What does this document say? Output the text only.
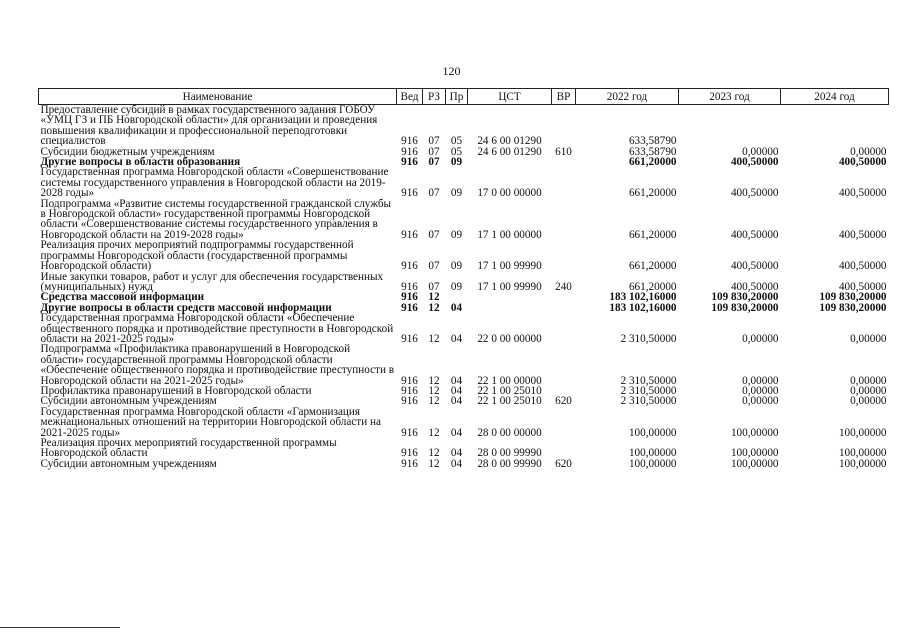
120
Наименование	Вед	РЗ	Пр	ЦСТ	ВР	2022 год	2023 год	2024 год
Предоставление субсидий в рамках государственного задания ГОБОУ «УМЦ ГЗ и ПБ Новгородской области» для организации и проведения повышения квалификации и профессиональной переподготовки специалистов	916	07	05	24 6 00 01290		633,58790		
Субсидии бюджетным учреждениям	916	07	05	24 6 00 01290	610	633,58790	0,00000	0,00000
Другие вопросы в области образования	916	07	09			661,20000	400,50000	400,50000
Государственная программа Новгородской области «Совершенствование системы государственного управления в Новгородской области на 2019-2028 годы»	916	07	09	17 0 00 00000		661,20000	400,50000	400,50000
Подпрограмма «Развитие системы государственной гражданской службы в Новгородской области» государственной программы Новгородской области «Совершенствование системы государственного управления в Новгородской области на 2019-2028 годы»	916	07	09	17 1 00 00000		661,20000	400,50000	400,50000
Реализация прочих мероприятий подпрограммы государственной программы Новгородской области (государственной программы Новгородской области)	916	07	09	17 1 00 99990		661,20000	400,50000	400,50000
Иные закупки товаров, работ и услуг для обеспечения государственных (муниципальных) нужд	916	07	09	17 1 00 99990	240	661,20000	400,50000	400,50000
Средства массовой информации	916	12				183 102,16000	109 830,20000	109 830,20000
Другие вопросы в области средств массовой информации	916	12	04			183 102,16000	109 830,20000	109 830,20000
Государственная программа Новгородской области «Обеспечение общественного порядка и противодействие преступности в Новгородской области на 2021-2025 годы»	916	12	04	22 0 00 00000		2 310,50000	0,00000	0,00000
Подпрограмма «Профилактика правонарушений в Новгородской области» государственной программы Новгородской области «Обеспечение общественного порядка и противодействие преступности в Новгородской области на 2021-2025 годы»	916	12	04	22 1 00 00000		2 310,50000	0,00000	0,00000
Профилактика правонарушений в Новгородской области	916	12	04	22 1 00 25010		2 310,50000	0,00000	0,00000
Субсидии автономным учреждениям	916	12	04	22 1 00 25010	620	2 310,50000	0,00000	0,00000
Государственная программа Новгородской области «Гармонизация межнациональных отношений на территории Новгородской области на 2021-2025 годы»	916	12	04	28 0 00 00000		100,00000	100,00000	100,00000
Реализация прочих мероприятий государственной программы Новгородской области	916	12	04	28 0 00 99990		100,00000	100,00000	100,00000
Субсидии автономным учреждениям	916	12	04	28 0 00 99990	620	100,00000	100,00000	100,00000
